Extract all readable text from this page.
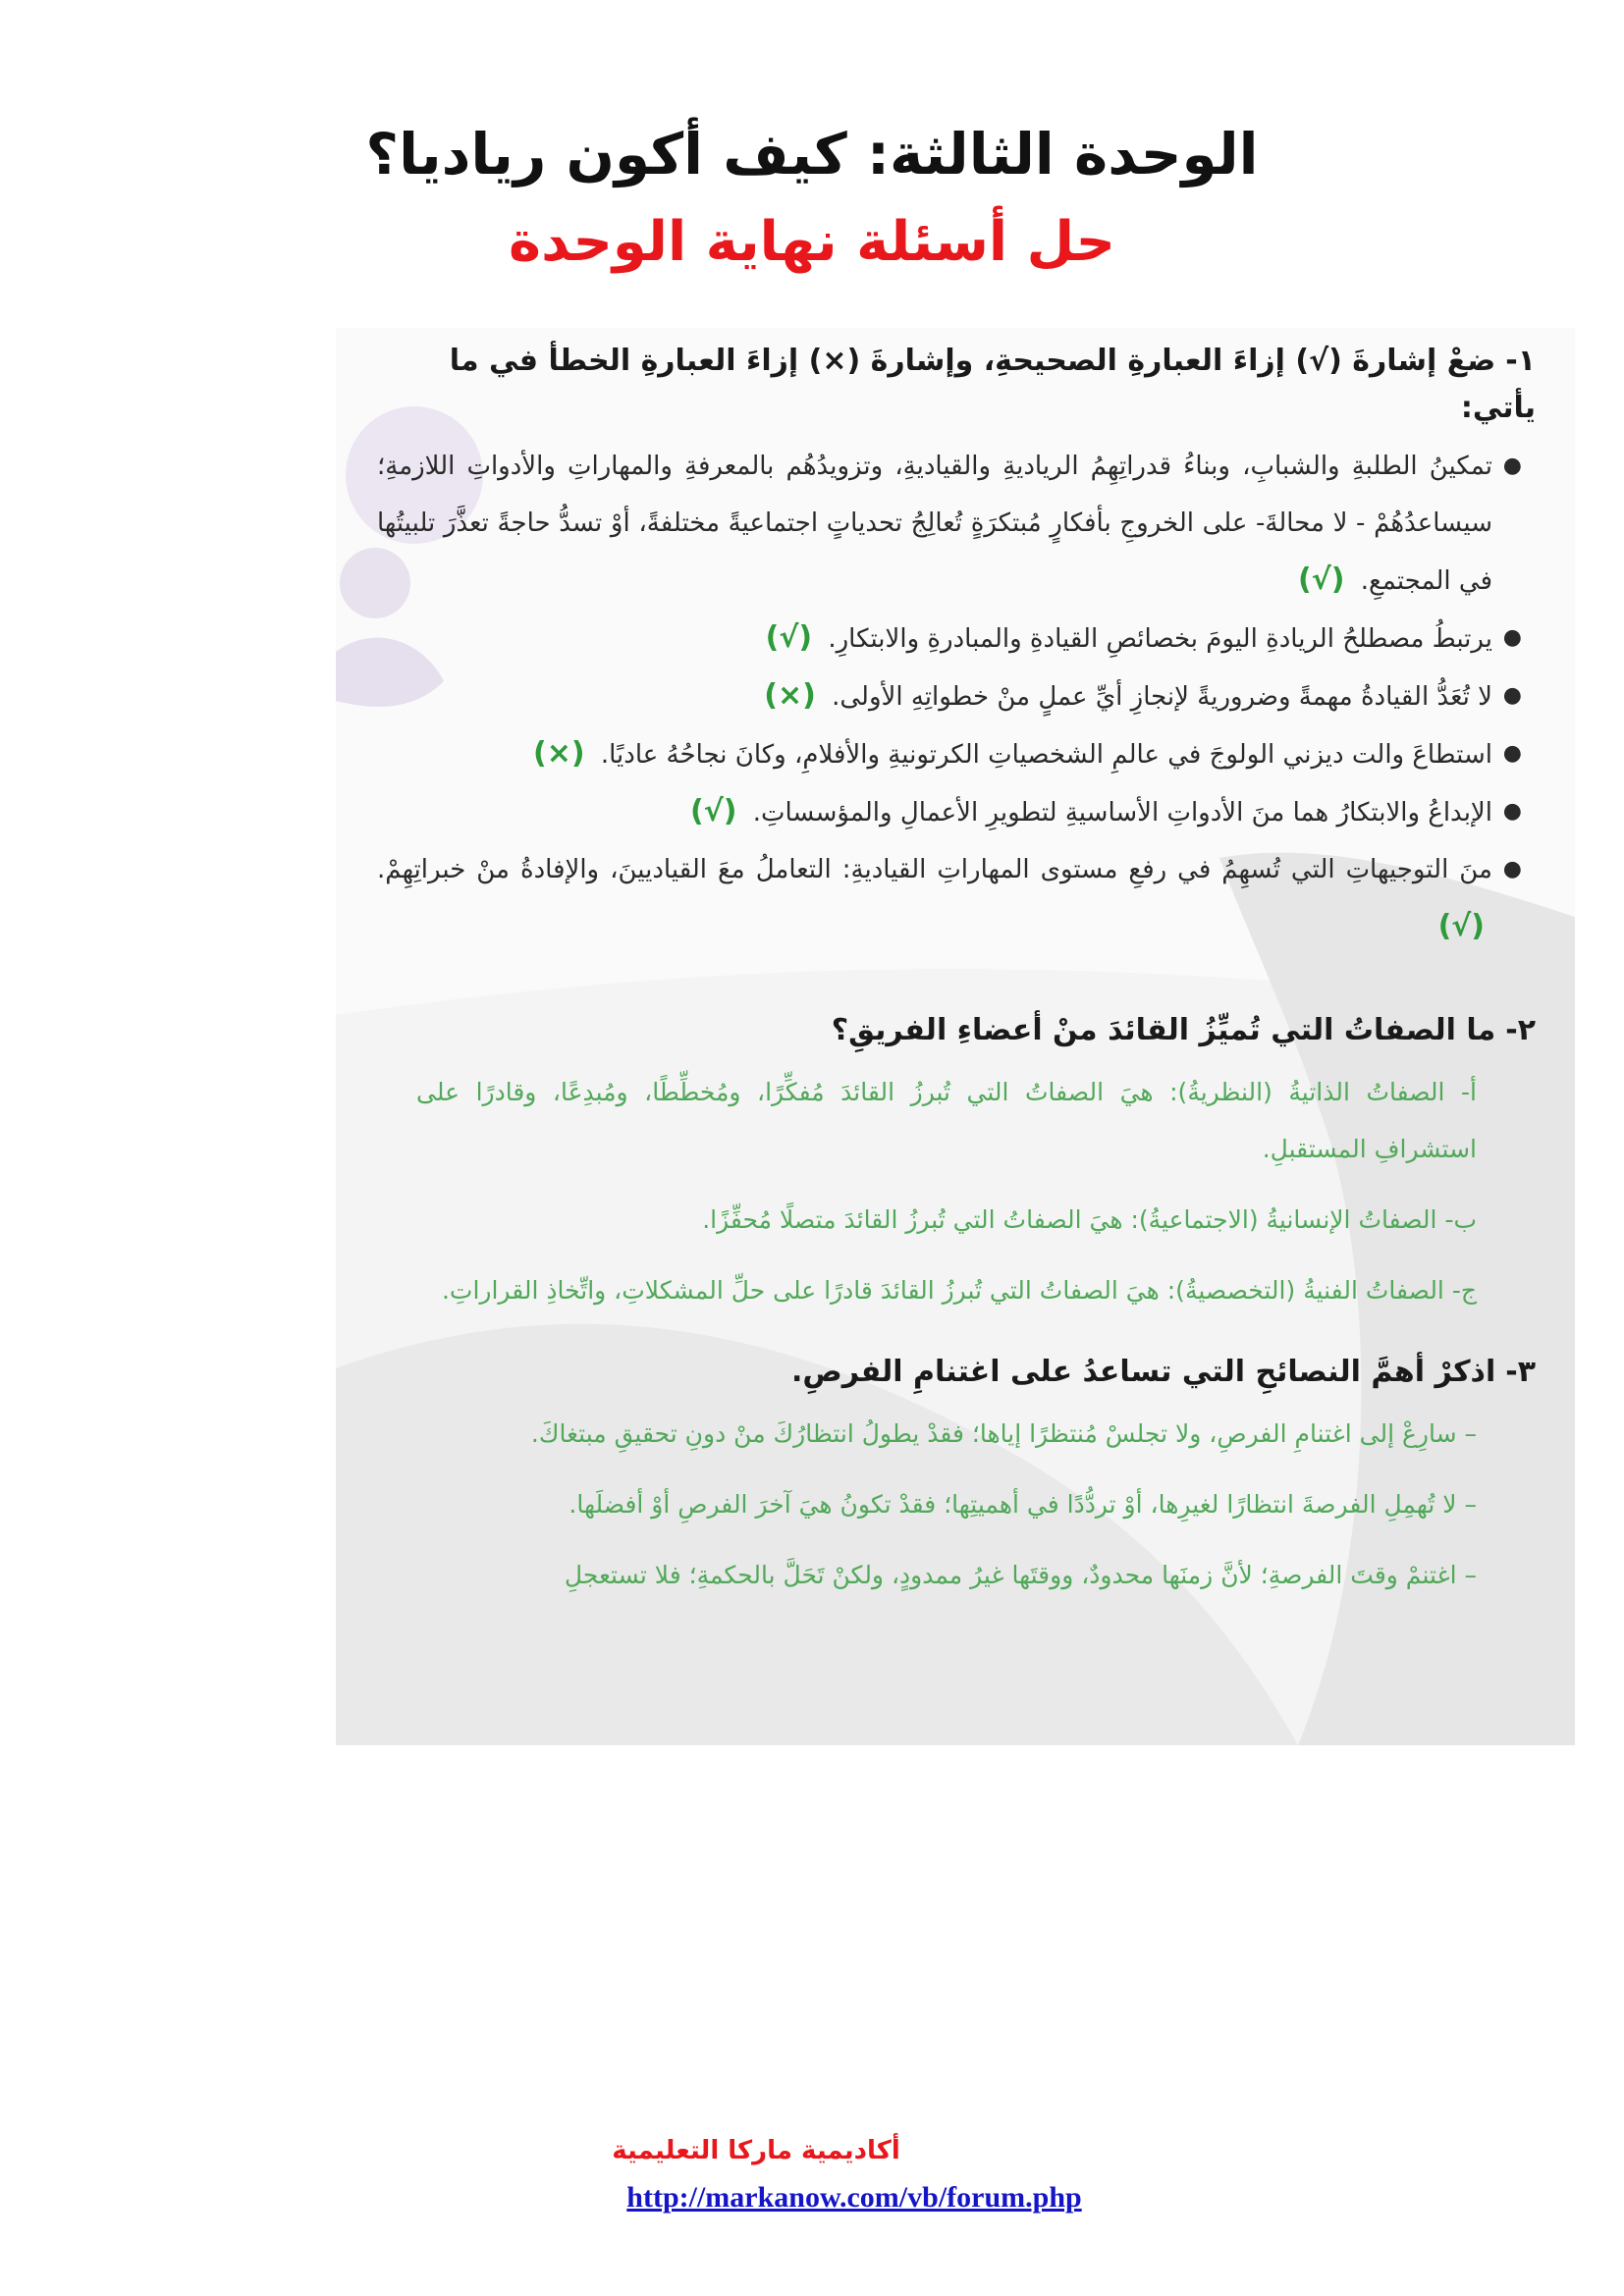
الوحدة الثالثة: كيف أكون رياديا؟
حل أسئلة نهاية الوحدة
١-ضعْ إشارةَ (√) إزاءَ العبارةِ الصحيحةِ، وإشارةَ (×) إزاءَ العبارةِ الخطأ في ما يأتي:
●
تمكينُ الطلبةِ والشبابِ، وبناءُ قدراتِهِمُ الرياديةِ والقياديةِ، وتزويدُهُم بالمعرفةِ والمهاراتِ والأدواتِ اللازمةِ؛ سيساعدُهُمْ - لا محالةَ- على الخروجِ بأفكارٍ مُبتكرَةٍ تُعالِجُ تحدياتٍ اجتماعيةً مختلفةً، أوْ تسدُّ حاجةً تعذَّرَ تلبيتُها في المجتمعِ. (√)
●
يرتبطُ مصطلحُ الريادةِ اليومَ بخصائصِ القيادةِ والمبادرةِ والابتكارِ. (√)
●
لا تُعَدُّ القيادةُ مهمةً وضروريةً لإنجازِ أيِّ عملٍ منْ خطواتِهِ الأولى. (×)
●
استطاعَ والت ديزني الولوجَ في عالمِ الشخصياتِ الكرتونيةِ والأفلامِ، وكانَ نجاحُهُ عاديًا. (×)
●
الإبداعُ والابتكارُ هما منَ الأدواتِ الأساسيةِ لتطويرِ الأعمالِ والمؤسساتِ. (√)
●
منَ التوجيهاتِ التي تُسهِمُ في رفعِ مستوى المهاراتِ القياديةِ: التعاملُ معَ القياديينَ، والإفادةُ منْ خبراتِهِمْ. (√)
٢-ما الصفاتُ التي تُميِّزُ القائدَ منْ أعضاءِ الفريقِ؟

أ- الصفاتُ الذاتيةُ (النظريةُ): هيَ الصفاتُ التي تُبرزُ القائدَ مُفكِّرًا، ومُخطِّطًا، ومُبدِعًا، وقادرًا على استشرافِ المستقبلِ.

ب- الصفاتُ الإنسانيةُ (الاجتماعيةُ): هيَ الصفاتُ التي تُبرزُ القائدَ متصلًا مُحفِّزًا.

ج- الصفاتُ الفنيةُ (التخصصيةُ): هيَ الصفاتُ التي تُبرزُ القائدَ قادرًا على حلِّ المشكلاتِ، واتِّخاذِ القراراتِ.

٣-اذكرْ أهمَّ النصائحِ التي تساعدُ على اغتنامِ الفرصِ.

– سارِعْ إلى اغتنامِ الفرصِ، ولا تجلسْ مُنتظرًا إياها؛ فقدْ يطولُ انتظارُكَ منْ دونِ تحقيقِ مبتغاكَ.

– لا تُهمِلِ الفرصةَ انتظارًا لغيرِها، أوْ تردُّدًا في أهميتِها؛ فقدْ تكونُ هيَ آخرَ الفرصِ أوْ أفضلَها.

– اغتنمْ وقتَ الفرصةِ؛ لأنَّ زمنَها محدودٌ، ووقتَها غيرُ ممدودٍ، ولكنْ تَحَلَّ بالحكمةِ؛ فلا تستعجلِ

أكاديمية ماركا التعليمية
http://markanow.com/vb/forum.php
